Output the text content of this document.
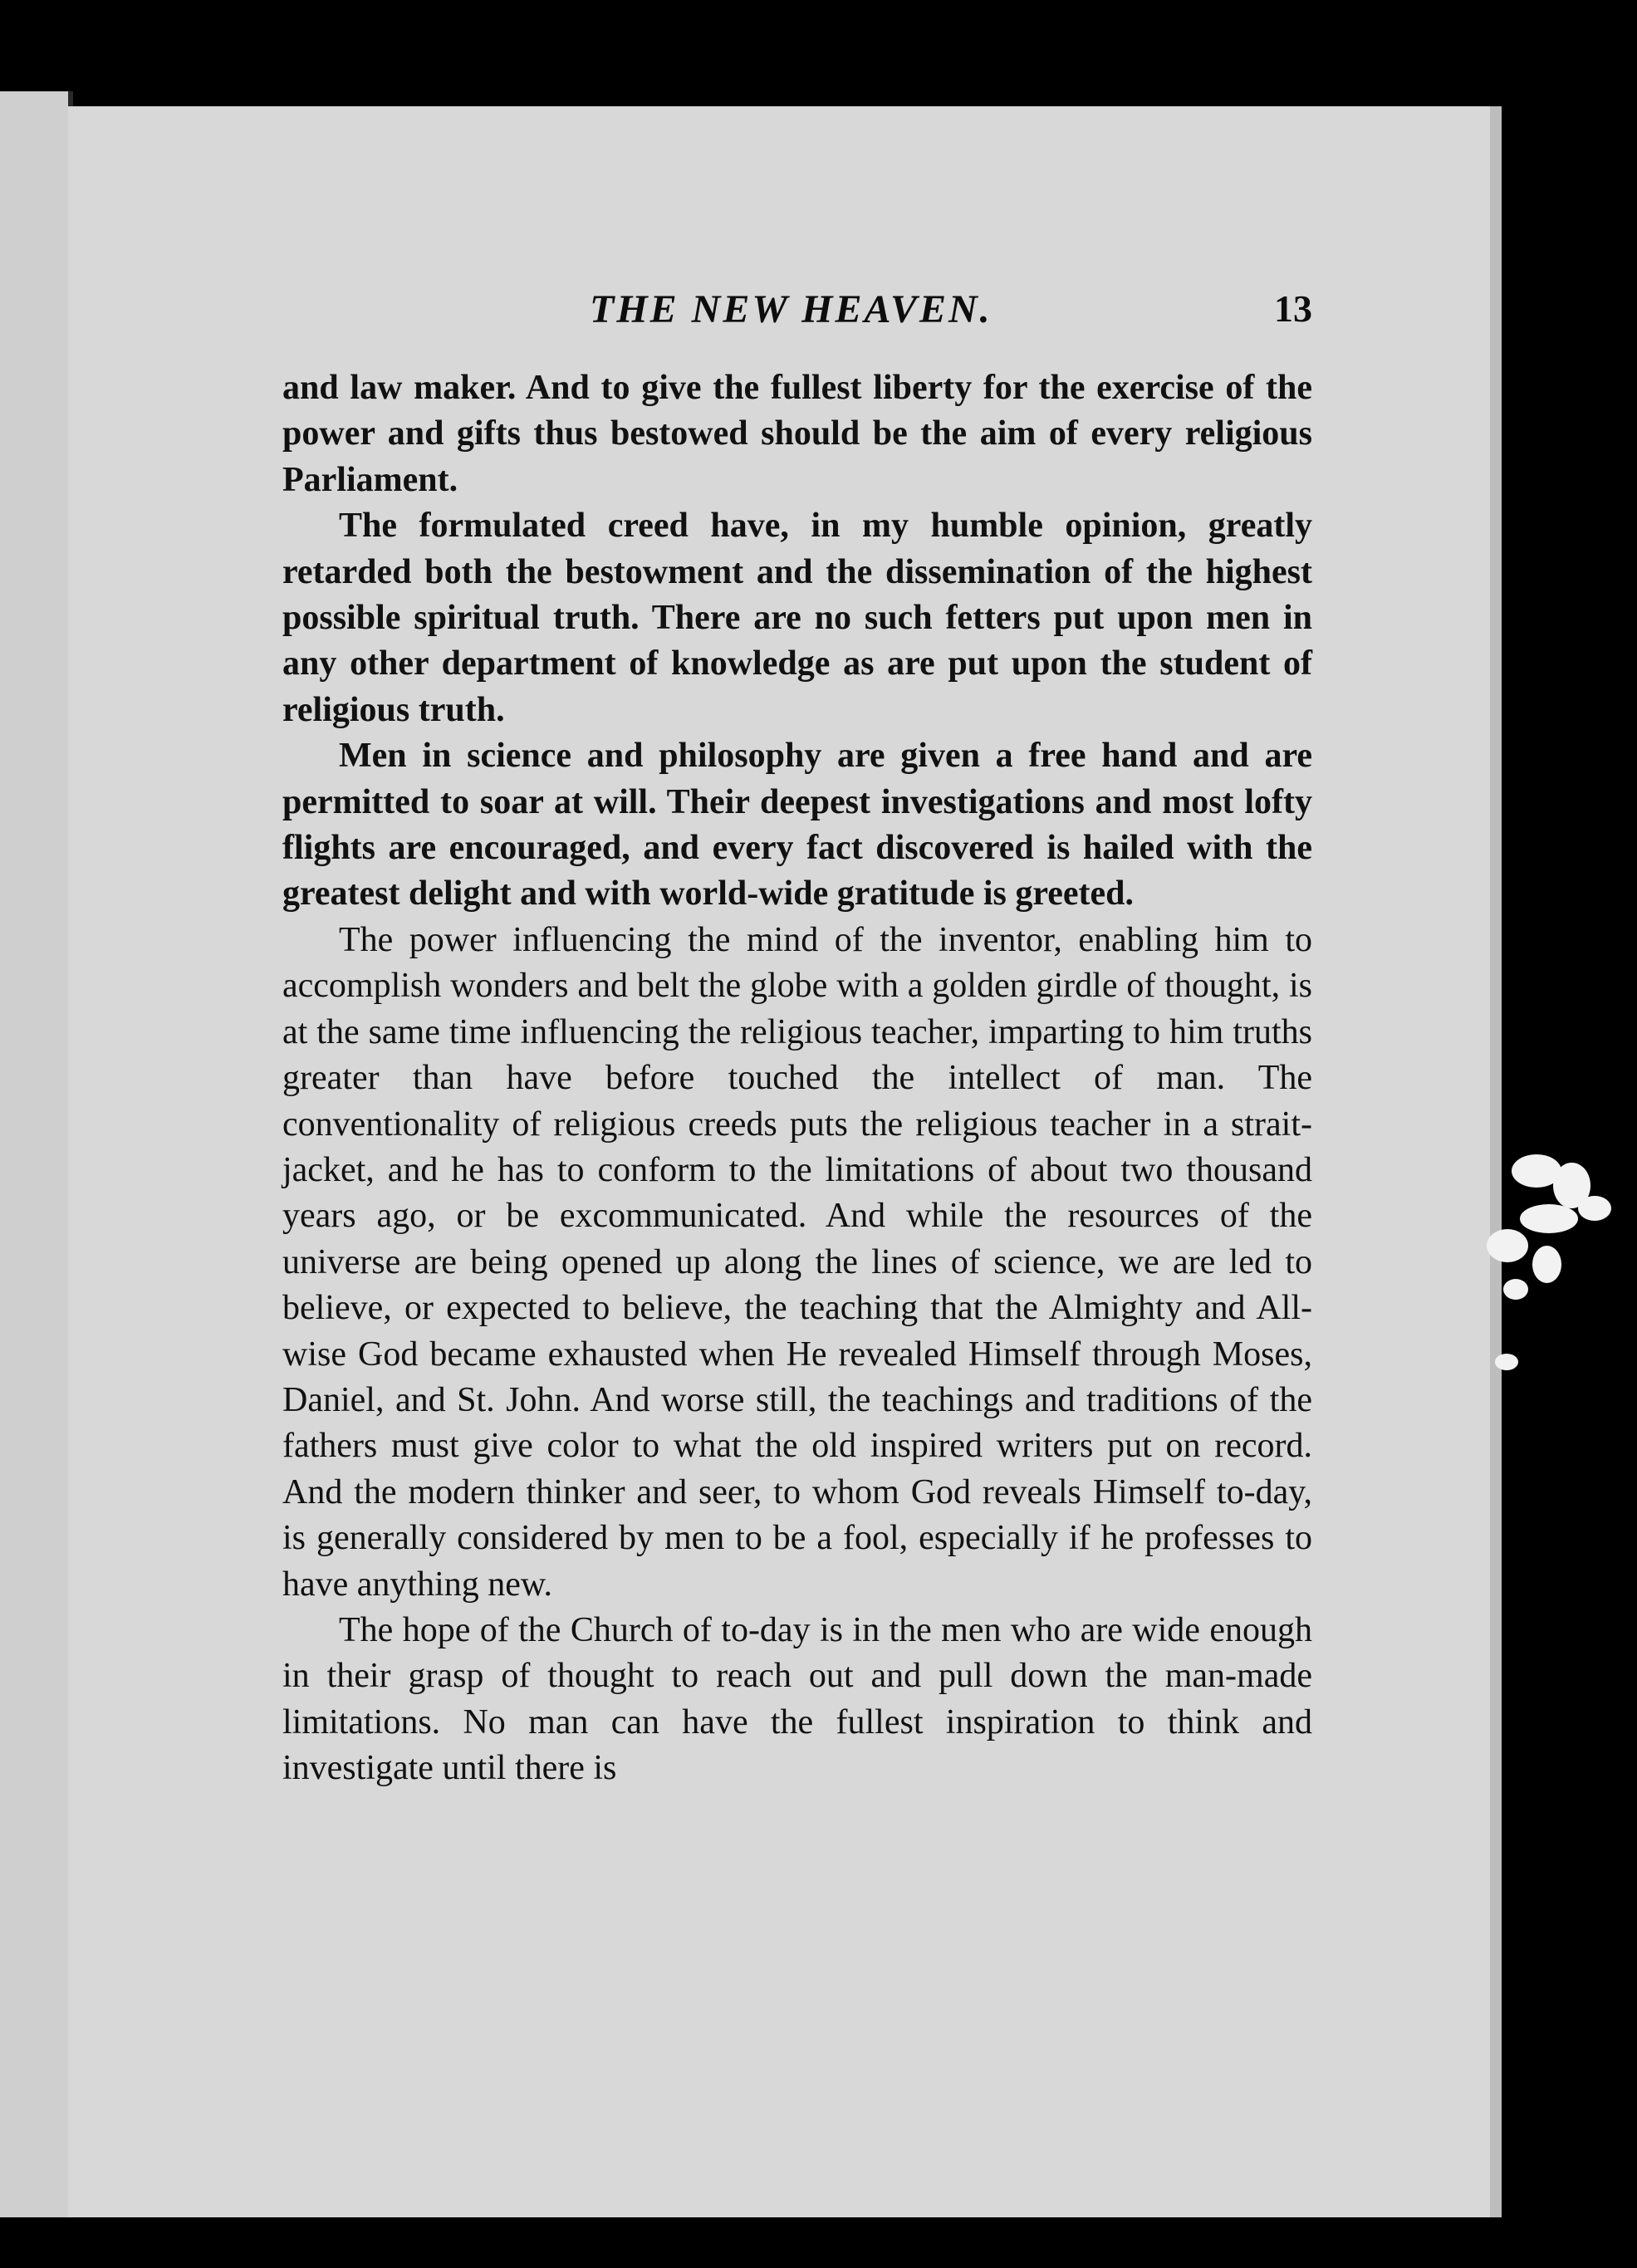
THE NEW HEAVEN.	13

and law maker. And to give the fullest liberty for the exercise of the power and gifts thus bestowed should be the aim of every religious Parliament.

The formulated creed have, in my humble opinion, greatly retarded both the bestowment and the dissemination of the highest possible spiritual truth. There are no such fetters put upon men in any other department of knowledge as are put upon the student of religious truth.

Men in science and philosophy are given a free hand and are permitted to soar at will. Their deepest investigations and most lofty flights are encouraged, and every fact discovered is hailed with the greatest delight and with world-wide gratitude is greeted.

The power influencing the mind of the inventor, enabling him to accomplish wonders and belt the globe with a golden girdle of thought, is at the same time influencing the religious teacher, imparting to him truths greater than have before touched the intellect of man. The conventionality of religious creeds puts the religious teacher in a strait-jacket, and he has to conform to the limitations of about two thousand years ago, or be excommunicated. And while the resources of the universe are being opened up along the lines of science, we are led to believe, or expected to believe, the teaching that the Almighty and All-wise God became exhausted when He revealed Himself through Moses, Daniel, and St. John. And worse still, the teachings and traditions of the fathers must give color to what the old inspired writers put on record. And the modern thinker and seer, to whom God reveals Himself to-day, is generally considered by men to be a fool, especially if he professes to have anything new.

The hope of the Church of to-day is in the men who are wide enough in their grasp of thought to reach out and pull down the man-made limitations. No man can have the fullest inspiration to think and investigate until there is
